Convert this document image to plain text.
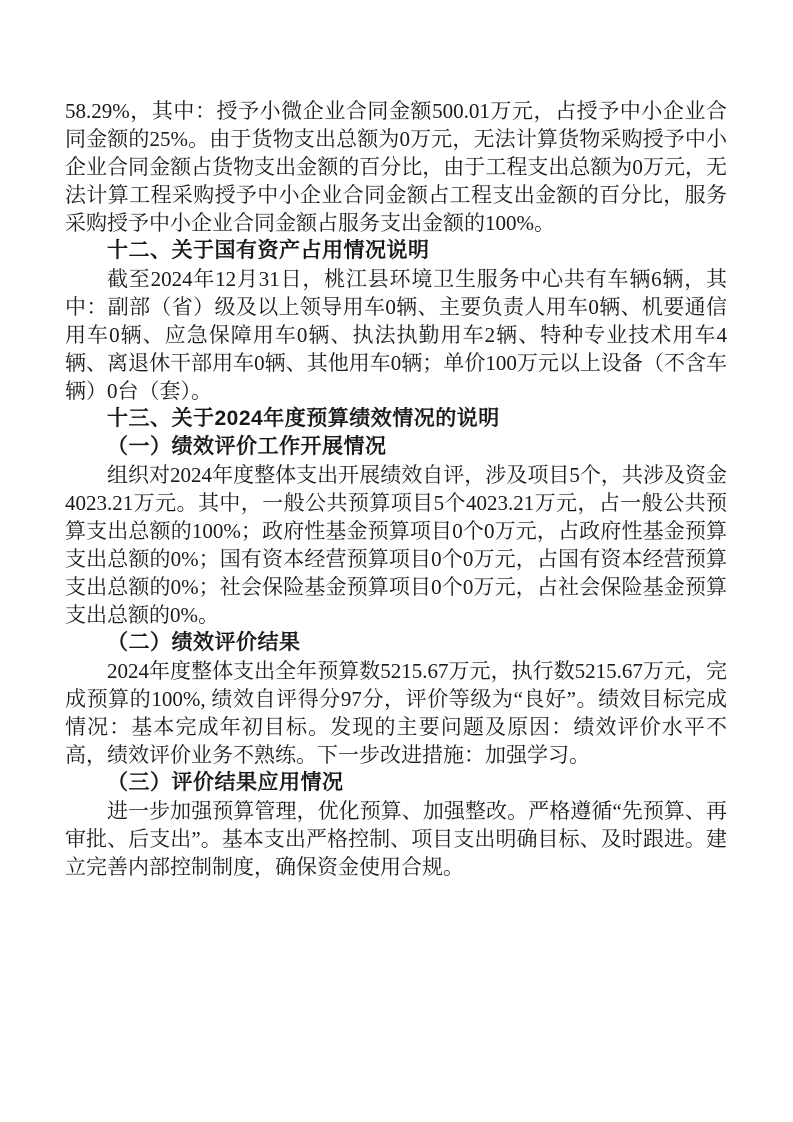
58.29%，其中：授予小微企业合同金额500.01万元，占授予中小企业合同金额的25%。由于货物支出总额为0万元，无法计算货物采购授予中小企业合同金额占货物支出金额的百分比，由于工程支出总额为0万元，无法计算工程采购授予中小企业合同金额占工程支出金额的百分比，服务采购授予中小企业合同金额占服务支出金额的100%。

十二、关于国有资产占用情况说明

截至2024年12月31日，桃江县环境卫生服务中心共有车辆6辆，其中：副部（省）级及以上领导用车0辆、主要负责人用车0辆、机要通信用车0辆、应急保障用车0辆、执法执勤用车2辆、特种专业技术用车4辆、离退休干部用车0辆、其他用车0辆；单价100万元以上设备（不含车辆）0台（套）。

十三、关于2024年度预算绩效情况的说明

（一）绩效评价工作开展情况

组织对2024年度整体支出开展绩效自评，涉及项目5个，共涉及资金4023.21万元。其中，一般公共预算项目5个4023.21万元，占一般公共预算支出总额的100%；政府性基金预算项目0个0万元，占政府性基金预算支出总额的0%；国有资本经营预算项目0个0万元，占国有资本经营预算支出总额的0%；社会保险基金预算项目0个0万元，占社会保险基金预算支出总额的0%。

（二）绩效评价结果

2024年度整体支出全年预算数5215.67万元，执行数5215.67万元，完成预算的100%, 绩效自评得分97分，评价等级为“良好”。绩效目标完成情况：基本完成年初目标。发现的主要问题及原因：绩效评价水平不高，绩效评价业务不熟练。下一步改进措施：加强学习。

（三）评价结果应用情况

进一步加强预算管理，优化预算、加强整改。严格遵循“先预算、再审批、后支出”。基本支出严格控制、项目支出明确目标、及时跟进。建立完善内部控制制度，确保资金使用合规。
